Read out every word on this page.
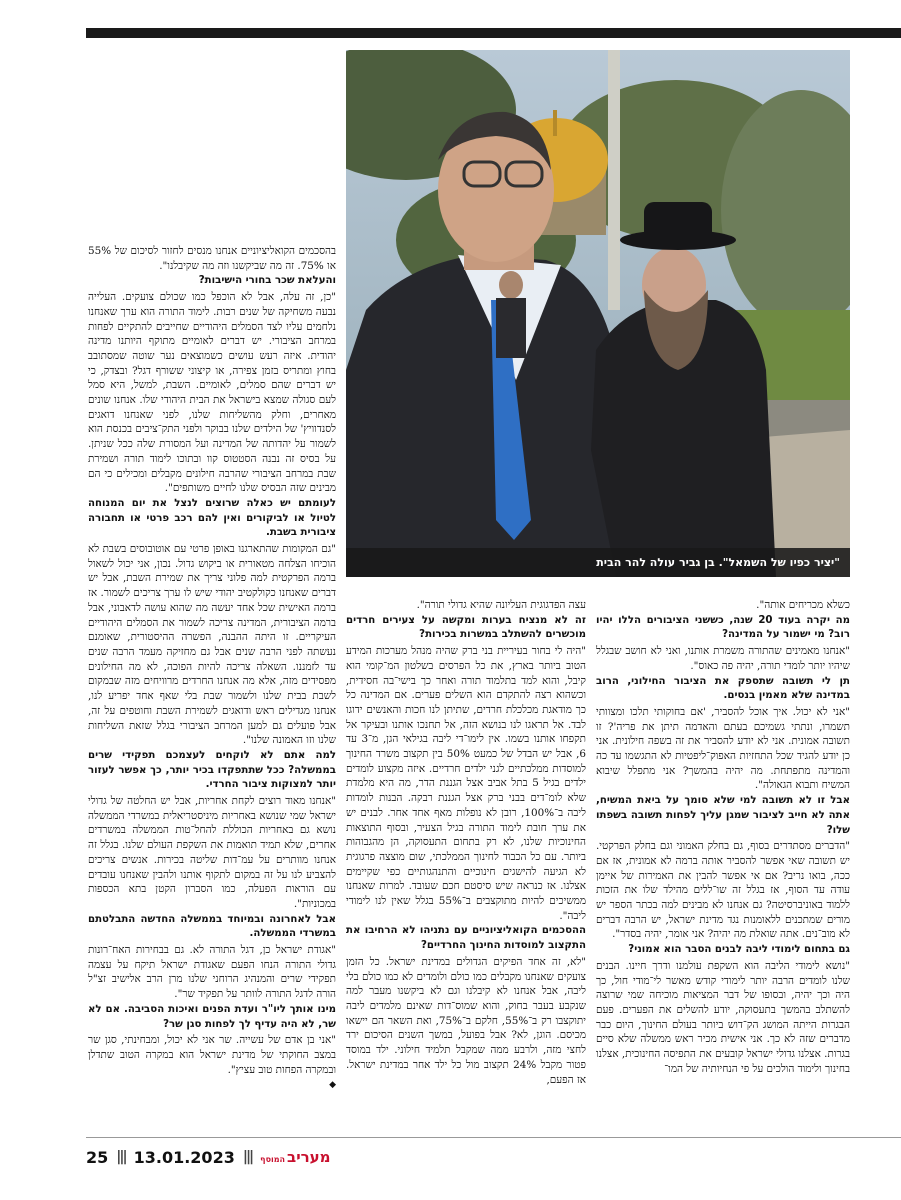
"יציר כפיו של השמאל". בן גביר עולה להר הבית

בהסכמים הקואליציוניים אנחנו מנסים לחזור לסיכום של 55% או 75%. זה מה שביקשנו וזה מה שקיבלנו".

והעלאת שכר בחורי הישיבות?

"כן, זה עלה, אבל לא הוכפל כמו שכולם צועקים. העלייה נבעה משחיקה של שנים רבות. לימוד התורה הוא ערך שאנחנו נלחמים עליו לצד הסמלים היהודיים שחייבים להתקיים לפחות במרחב הציבורי. יש דברים לאומיים מתוקף היותנו מדינה יהודית. איזה רעש עושים כשמוצאים נער שוטה שמסתובב בחוץ ומתריס בזמן צפירה, או קיצוני ששורף דגל? ובצדק, כי יש דברים שהם סמלים, לאומיים. השבת, למשל, היא סמל לעם סגולה שמצא בישראל את הבית היהודי שלו. אנחנו שונים מאחרים, וחלק מהשליחות שלנו, לפני שאנחנו דואגים לסנדוויץ' של הילדים שלנו בבוקר ולפני התק־ציבים בכנסת הוא לשמור על יהדותה של המדינה ועל המסורת שלה ככל שניתן. על בסיס זה נבנה הסטטוס קוו ובתוכו לימוד תורה ושמירת שבת במרחב הציבורי שהרבה חילונים מקבלים ומכילים כי הם מבינים שזה הבסיס שלנו לחיים משותפים".

לעומתם יש כאלה שרוצים לנצל את יום המנוחה לטיול או לביקורים ואין להם רכב פרטי או תחבורה ציבורית בשבת.

"גם המקומות שהתארגנו באופן פרטי עם אוטובוסים בשבת לא הוכיחו הצלחה מטאורית או ביקוש גדול. נכון, אני יכול לשאול ברמה הפרקטית למה פלוני צריך את שמירת השבת, אבל יש דברים שאנחנו כקולקטיב יהודי שיש לו ערך צריכים לשמור. אז ברמה האישית שכל אחד יעשה מה שהוא עושה לדאבוני, אבל ברמה הציבורית, המדינה צריכה לשמור את הסמלים היהודיים העיקריים. זו היתה ההבנה, הפשרה ההיסטורית, שאומנם נעשתה לפני הרבה שנים אבל גם מחזיקה מעמד הרבה שנים עד לזמננו. השאלה צריכה להיות הפוכה, לא מה החילונים מפסידים מזה, אלא מה אנחנו החרדים מרוויחים מזה שבמקום לשבת בבית שלנו ולשמור שבת בלי שאף אחד יפריע לנו, אנחנו מגדילים ראש ודואגים לשמירת השבת וחוטפים על זה, אבל פועלים גם למען המרחב הציבורי בגלל שזאת השליחות שלנו וזו האמונה שלנו".

למה אתם לא לוקחים לעצמכם תפקידי שרים בממשלה? ככל שתתפקדו בכיר יותר, כך אפשר לעזור יותר למצוקות ציבור החרדי.

"אנחנו מאוד רוצים לקחת אחריות, אבל יש החלטה של גדולי ישראל שמי שנושא באחריות מיניסטריאלית במשרדי הממשלה נושא גם באחריות הכוללת להחל־טות הממשלה במשרדים אחרים, שלא תמיד תואמות את השקפת העולם שלנו. בגלל זה אנחנו מוותרים על עמ־דות שליטה בכירות. אנשים צריכים להצביע לנו על זה במקום לתקוף אותנו ולהבין שאנחנו עובדים עם הוראות הפעלה, כמו הסברון הקטן בתא הכספות במכוניות".

אבל לאחרונה ובמיוחד בממשלה החדשה התבלטתם במשרדי הממשלה.

"אגודת ישראל כן, דגל התורה לא. גם בבחירות האח־רונות גדולי התורה הנחו הפעם שאגודת ישראל תיקח על עצמה תפקידי שרים והמנהיג הרוחני שלנו מרן הרב אלישיב זצ"ל הורה לדגל התורה לוותר על תפקיד שר".

מינו אותך ליו"ר ועדת הפנים ואיכות הסביבה. אם לא שר, לא היה עדיף לך לפחות סגן שר?

"אני בן אדם של עשייה. שר אני לא יכול, ומבחינתי, סגן שר במצב החוקתי של מדינת ישראל הוא במקרה הטוב שתדלן ובמקרה הפחות טוב עציץ".

◆

עצה הפדגוגית העליונה שהיא גדולי תורה".

זה לא מנציח בערות ומקשה על צעירים חרדים מוכשרים להשתלב במשרות בכירות?

"היה לי בחור בעיריית בני ברק שהיה מנהל מערכות המידע הטוב ביותר בארץ, את כל הפרסים בשלטון המ־קומי הוא קיבל, והוא למד בתלמוד תורה ואחר כך בישי־בה חסידית, וכשהוא רצה להתקדם הוא השלים פערים. אם המדינה כל כך מודאגת מכלכלת חרדים, שתיתן לנו חכות והאנשים ידוגו לבד. אל תראגו לנו בנושא הזה, אל תחנכו אותנו ובעיקר אל תקפחו אותנו בשמו. אין לימו־די ליבה בגילאי הגן, מ־3 עד 6, אבל יש הבדל של כמעט 50% בין תקצוב משרד החינוך למוסדות ממלכתיים לגני ילדים חרדיים. איזה מקצוע לומדים ילדים בגיל 5 בתל אביב אצל הגננת הדר, מה היא מלמדת שלא לומ־דים בבני ברק אצל הגננת רבקה. הבנות לומדות ליבה ב־100%, רובן לא נופלות מאף אחד אחר. לבנים יש את ערך חובת לימוד התורה בגיל הצעיר, ובסוף התוצאות החינוכיות שלנו, לא רק בתחום התעסוקה, הן מהגבוהות ביותר. עם כל הכבוד לחינוך הממלכתי, שום מוצצה פרגוגית לא הגיעה להישגים חינוכיים והתנהגותיים כפי שקיימים אצלנו. אז כנראה שיש סיסטם חכם שעובד. למרות שאנחנו ממשיכים להיות מתוקצבים ב־55% בגלל שאין לנו לימודי ליבה".

ההסכמים הקואליציוניים עם נתניהו לא הרחיבו את התקצוב למוסדות החינוך החרדיים?

"לא, זה אחד הפיקים הגדולים במדינת ישראל. כל הזמן צועקים שאנחנו מקבלים כמו כולם ולומדים לא כמו כולם בלי ליבה, אבל אנחנו לא קיבלנו וגם לא ביקשנו מעבר למה שנקבע בעבר בחוק, והוא שמוס־דות שאינם מלמדים ליבה יתוקצבו רק ב־55%, חלקם ב־75%, ואת השאר הם יישאו מכיסם. הוגן, לא? אבל בפועל, במשך השנים הסיכום ירד לחצי מזה, ולרבע ממה שמקבל תלמיד חילוני. ילד במוסד פטור מקבל 24% תקצוב מול כל ילד אחר במדינת ישראל. אז הפעם,

כשלא מכריחים אותה".

מה יקרה בעוד 20 שנה, כששני הציבורים הללו יהיו רוב? מי ישמור על המדינה?

"אנחנו מאמינים שהתורה משמרת אותנו, ואני לא חושב שבגלל שיהיו יותר לומדי תורה, יהיה פה כאוס".

תן לי תשובה שתספק את הציבור החילוני, הרוב במדינה שלא מאמין בנסים.

"אני לא יכול. איך אוכל להסביר, 'אם בחוקותי תלכו ומצוותי תשמרו, ונתתי גשמיכם בעתם והאדמה תיתן את פריה'? זו תשובה אמונית. אני לא יודע להסביר את זה בשפה חילונית. אני כן יודע להגיד שכל התחזיות האפוק־ליפטיות לא התגשמו עד כה והמדינה מתפתחת. מה יהיה בהמשך? אני מתפלל שיבוא המשיח ותבוא הגאולה".

אבל זו לא תשובה למי שלא סומך על ביאת המשיח, אתה לא חייב לציבור שמגן עליך לפחות תשובה בשפתו שלו?

"הדברים מסתדרים בסוף, גם בחלק האמוני וגם בחלק הפרקטי. יש תשובה שאי אפשר להסביר אותה ברמה לא אמונית, אז אם ככה, בואו נריב? אם אי אפשר להבין את האמירות של איימן עודה עד הסוף, אז בגלל זה שו־ללים מהילד שלו את הזכות ללמוד באוניברסיטה? גם אנחנו לא מבינים למה בכתר הספר יש מורים שמתכנים ללאומנות נגד מדינת ישראל, יש הרבה דברים לא מוב־נים. אתה שואלת מה יהיה? אני אומר, יהיה בסדר".

גם בתחום לימודי ליבה לבנים הסבר הוא אמוני?

"נושא לימודי הליבה הוא השקפת עולמנו ודרך חיינו. הבנים שלנו לומדים הרבה יותר לימודי קודש מאשר לי־מודי חול, כך היה וכך יהיה, ובסופו של דבר המציאות מוכיחה שמי שרוצה להשתלב בהמשך בתעסוקה, יודע להשלים את הפערים. פעם הבגרות הייתה המושג הק־דוש ביותר בעולם החינוך, היום כבר מדברים שזה לא כך. אני אישית מכיר ראש ממשלה שלא סיים בגרות. אצלנו גדולי ישראל קובעים את התפיסה החינוכית, אצלנו בחינוך ולימוד הולכים על פי הנחיותיה של המו־

25 ||| 13.01.2023 |||	מעריבהמוסף
